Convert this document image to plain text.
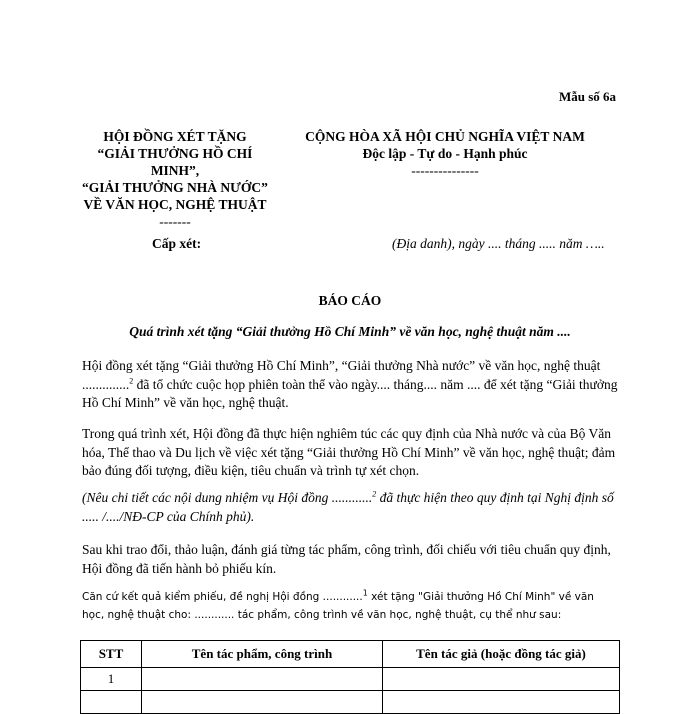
Mẫu số 6a
HỘI ĐỒNG XÉT TẶNG
“GIẢI THƯỞNG HỒ CHÍ
MINH”,
“GIẢI THƯỞNG NHÀ NƯỚC”
VỀ VĂN HỌC, NGHỆ THUẬT
-------
CỘNG HÒA XÃ HỘI CHỦ NGHĨA VIỆT NAM
Độc lập - Tự do - Hạnh phúc
---------------
Cấp xét:	(Địa danh), ngày .... tháng ..... năm …..
BÁO CÁO
Quá trình xét tặng “Giải thưởng Hồ Chí Minh” về văn học, nghệ thuật năm ....
Hội đồng xét tặng “Giải thưởng Hồ Chí Minh”, “Giải thưởng Nhà nước” về văn học, nghệ thuật ..............$^2$ đã tổ chức cuộc họp phiên toàn thể vào ngày.... tháng.... năm .... để xét tặng “Giải thưởng Hồ Chí Minh” về văn học, nghệ thuật.
Trong quá trình xét, Hội đồng đã thực hiện nghiêm túc các quy định của Nhà nước và của Bộ Văn hóa, Thể thao và Du lịch về việc xét tặng “Giải thưởng Hồ Chí Minh” về văn học, nghệ thuật; đảm bảo đúng đối tượng, điều kiện, tiêu chuẩn và trình tự xét chọn.
(Nêu chi tiết các nội dung nhiệm vụ Hội đồng ............$^2$ đã thực hiện theo quy định tại Nghị định số ..... /..../NĐ-CP của Chính phủ).
Sau khi trao đổi, thảo luận, đánh giá từng tác phẩm, công trình, đối chiếu với tiêu chuẩn quy định, Hội đồng đã tiến hành bỏ phiếu kín.
Căn cứ kết quả kiểm phiếu, đề nghị Hội đồng ............$^1$ xét tặng "Giải thưởng Hồ Chí Minh" về văn học, nghệ thuật cho: ............ tác phẩm, công trình về văn học, nghệ thuật, cụ thể như sau:
STT	Tên tác phẩm, công trình	Tên tác giả (hoặc đồng tác giả)
1		
